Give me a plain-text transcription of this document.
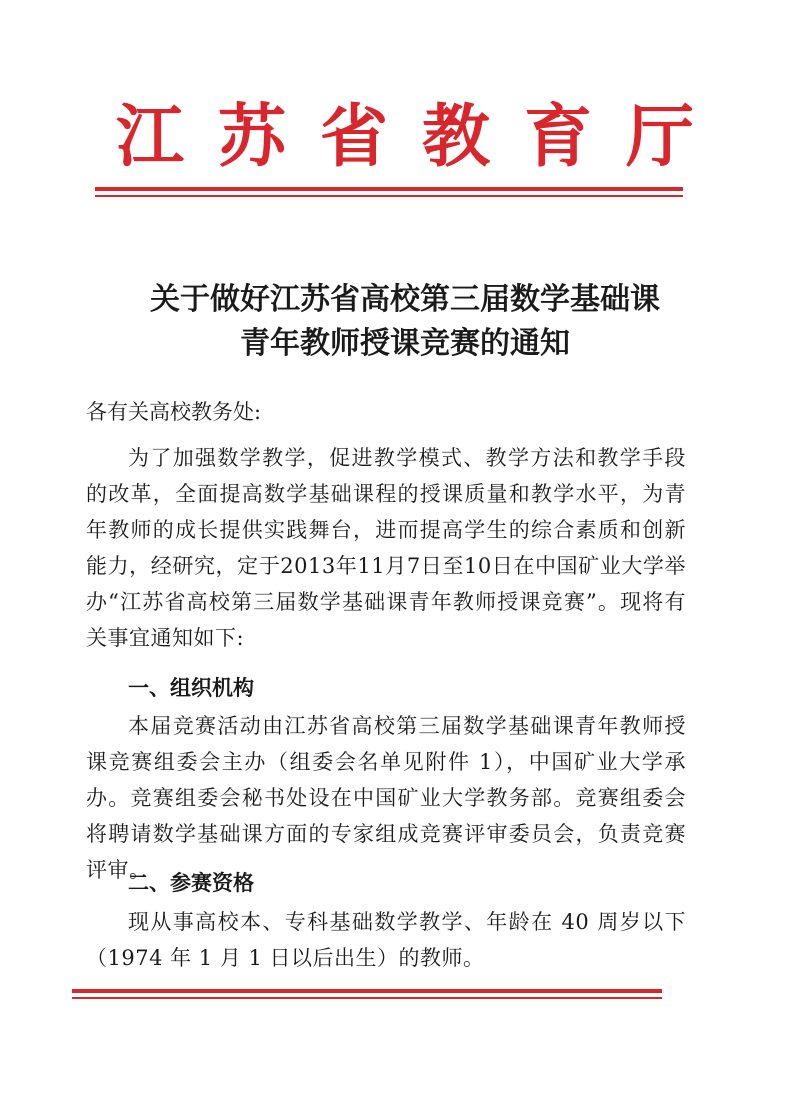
江苏省教育厅
关于做好江苏省高校第三届数学基础课
青年教师授课竞赛的通知
各有关高校教务处:
为了加强数学教学，促进教学模式、教学方法和教学手段的改革，全面提高数学基础课程的授课质量和教学水平，为青年教师的成长提供实践舞台，进而提高学生的综合素质和创新能力，经研究，定于2013年11月7日至10日在中国矿业大学举办“江苏省高校第三届数学基础课青年教师授课竞赛”。现将有关事宜通知如下:
一、组织机构
本届竞赛活动由江苏省高校第三届数学基础课青年教师授课竞赛组委会主办（组委会名单见附件 1），中国矿业大学承办。竞赛组委会秘书处设在中国矿业大学教务部。竞赛组委会将聘请数学基础课方面的专家组成竞赛评审委员会，负责竞赛评审。
二、参赛资格
现从事高校本、专科基础数学教学、年龄在 40 周岁以下（1974 年 1 月 1 日以后出生）的教师。
